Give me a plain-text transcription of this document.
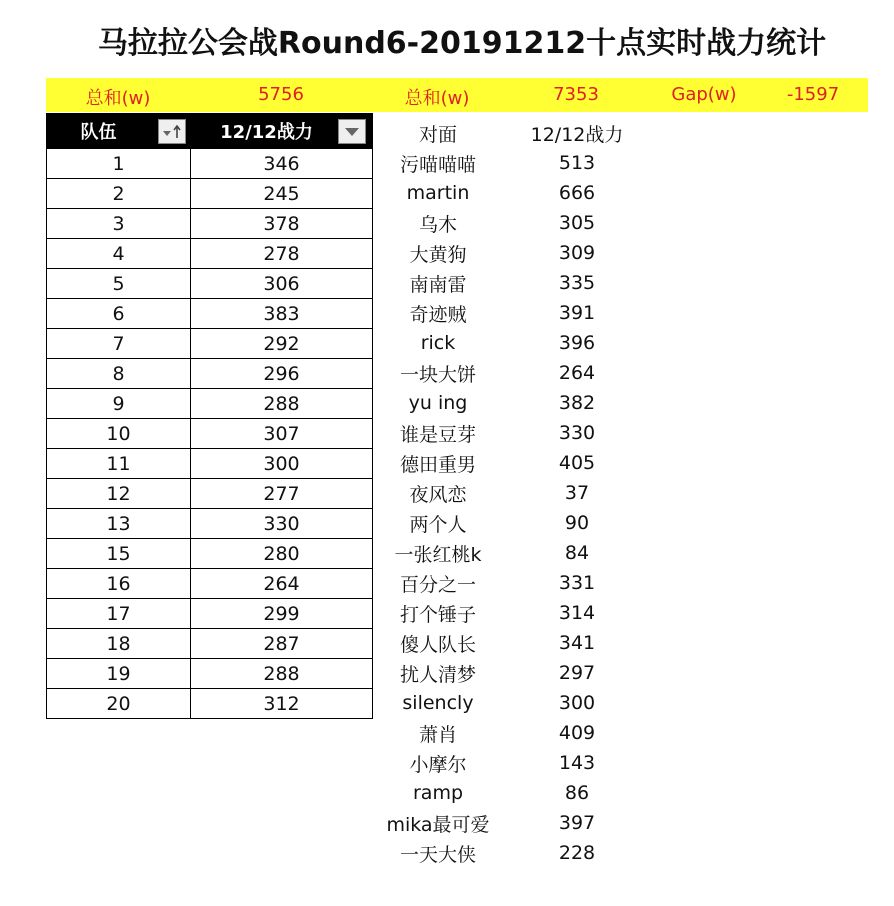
马拉拉公会战Round6-20191212十点实时战力统计
总和(w)	5756	总和(w)	7353	Gap(w)	-1597
队伍	12/12战力

1	346
2	245
3	378
4	278
5	306
6	383
7	292
8	296
9	288
10	307
11	300
12	277
13	330
15	280
16	264
17	299
18	287
19	288
20	312
对面	12/12战力
污喵喵喵	513
martin	666
乌木	305
大黄狗	309
南南雷	335
奇迹贼	391
rick	396
一块大饼	264
yu ing	382
谁是豆芽	330
德田重男	405
夜风恋	37
两个人	90
一张红桃k	84
百分之一	331
打个锤子	314
傻人队长	341
扰人清梦	297
silencly	300
萧肖	409
小摩尔	143
ramp	86
mika最可爱	397
一天大侠	228
